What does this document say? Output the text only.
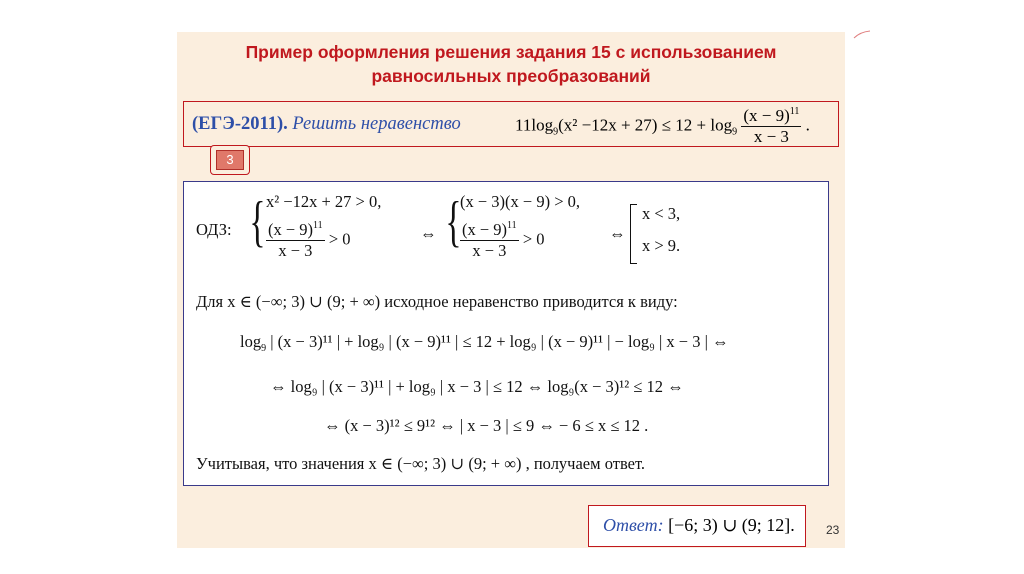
Пример оформления решения задания 15 с использованием
равносильных преобразований
(ЕГЭ-2011). Решить неравенство	$11\log_9(x^2 -12x + 27) \le 12 + \log_9 \frac{(x - 9)^{11}}{x - 3}$ .
3
ОДЗ: { x² −12x + 27 > 0,
$\frac{(x - 9)^{11}}{x - 3} > 0$	⇔ {
(x − 3)(x − 9) > 0,
$\frac{(x - 9)^{11}}{x - 3} > 0$	⇔
x < 3,
x > 9.
Для x ∈ (−∞; 3) ∪ (9; + ∞) исходное неравенство приводится к виду:
$\log_9$ | (x − 3)¹¹ | + log₉ | (x − 9)¹¹ | ≤ 12 + log₉ | (x − 9)¹¹ | − log₉ | x − 3 | ⇔
⇔ log₉ | (x − 3)¹¹ | + log₉ | x − 3 | ≤ 12 ⇔ log₉(x − 3)¹² ≤ 12 ⇔
⇔ (x − 3)¹² ≤ 9¹² ⇔ | x − 3 | ≤ 9 ⇔ − 6 ≤ x ≤ 12 .
Учитывая, что значения x ∈ (−∞; 3) ∪ (9; + ∞) , получаем ответ.
Ответ: [−6; 3) ∪ (9; 12].	23
